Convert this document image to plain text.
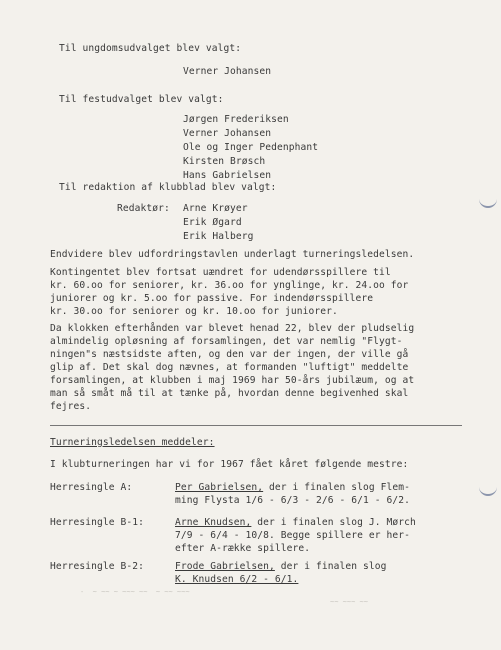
Til ungdomsudvalget blev valgt:
Verner Johansen
Til festudvalget blev valgt:
Jørgen Frederiksen
Verner Johansen
Ole og Inger Pedenphant
Kirsten Brøsch
Hans Gabrielsen
Til redaktion af klubblad blev valgt:
Redaktør: Arne Krøyer
Erik Øgard
Erik Halberg
Endvidere blev udfordringstavlen underlagt turneringsledelsen.
Kontingentet blev fortsat uændret for udendørsspillere til
kr. 60.oo for seniorer, kr. 36.oo for ynglinge, kr. 24.oo for
juniorer og kr. 5.oo for passive. For indendørsspillere
kr. 30.oo for seniorer og kr. 10.oo for juniorer.
Da klokken efterhånden var blevet henad 22, blev der pludselig
almindelig opløsning af forsamlingen, det var nemlig "Flygt-
ningen"s næstsidste aften, og den var der ingen, der ville gå
glip af. Det skal dog nævnes, at formanden "luftigt" meddelte
forsamlingen, at klubben i maj 1969 har 50-års jubilæum, og at
man så småt må til at tænke på, hvordan denne begivenhed skal
fejres.
Turneringsledelsen meddeler:
I klubturneringen har vi for 1967 fået kåret følgende mestre:
Herresingle A:	Per Gabrielsen, der i finalen slog Flem-
ming Flysta 1/6 - 6/3 - 2/6 - 6/1 - 6/2.
Herresingle B-1:	Arne Knudsen, der i finalen slog J. Mørch
7/9 - 6/4 - 10/8. Begge spillere er her-
efter A-række spillere.
Herresingle B-2:	Frode Gabrielsen, der i finalen slog
K. Knudsen 6/2 - 6/1.
-  ~ ~~ ~ ~~~ ~~  ~ ~~ ~~~
~~ ~~~ ~~
